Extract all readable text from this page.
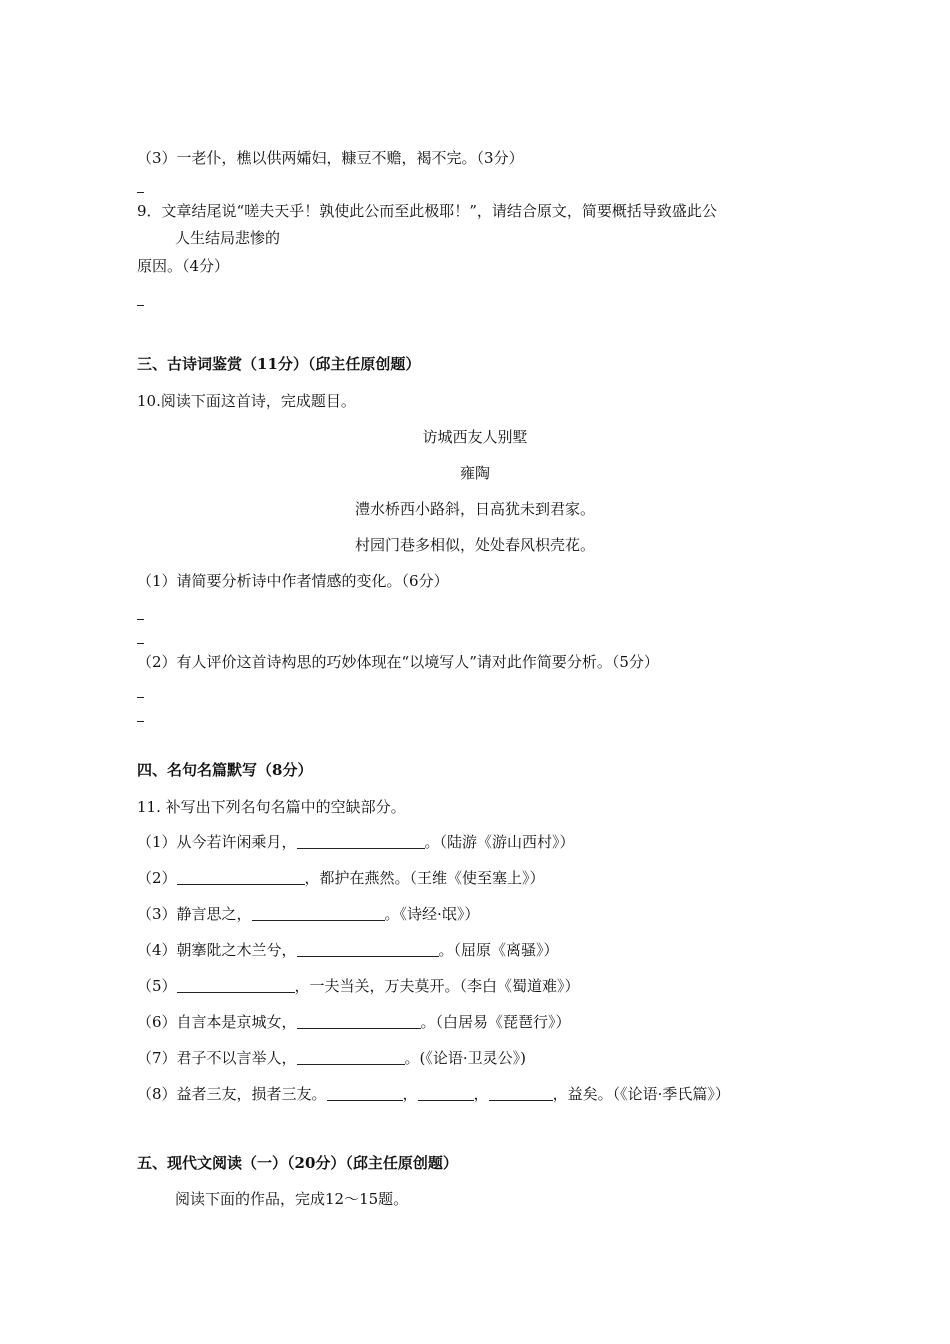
（3）一老仆，樵以供两孀妇，糠豆不赡，褐不完。（3分）
9．文章结尾说“嗟夫天乎！孰使此公而至此极耶！”，请结合原文，简要概括导致盛此公
人生结局悲惨的
原因。（4分）
三、古诗词鉴赏（11分）（邱主任原创题）
10.阅读下面这首诗，完成题目。
访城西友人别墅
雍陶
澧水桥西小路斜，日高犹未到君家。
村园门巷多相似，处处春风枳壳花。
（1）请简要分析诗中作者情感的变化。（6分）
（2）有人评价这首诗构思的巧妙体现在“以境写人”请对此作简要分析。（5分）
四、名句名篇默写（8分）
11. 补写出下列名句名篇中的空缺部分。
（1）从今若许闲乘月，	。（陆游《游山西村》）
（2）	，都护在燕然。（王维《使至塞上》）
（3）静言思之，	。《诗经·氓》）
（4）朝搴阰之木兰兮，	。（屈原《离骚》）
（5）	，一夫当关，万夫莫开。（李白《蜀道难》）
（6）自言本是京城女，	。（白居易《琵琶行》）
（7）君子不以言举人，	。(《论语·卫灵公》)
（8）益者三友，损者三友。	，	，	，益矣。（《论语·季氏篇》）
五、现代文阅读（一）（20分）（邱主任原创题）
阅读下面的作品，完成12～15题。
